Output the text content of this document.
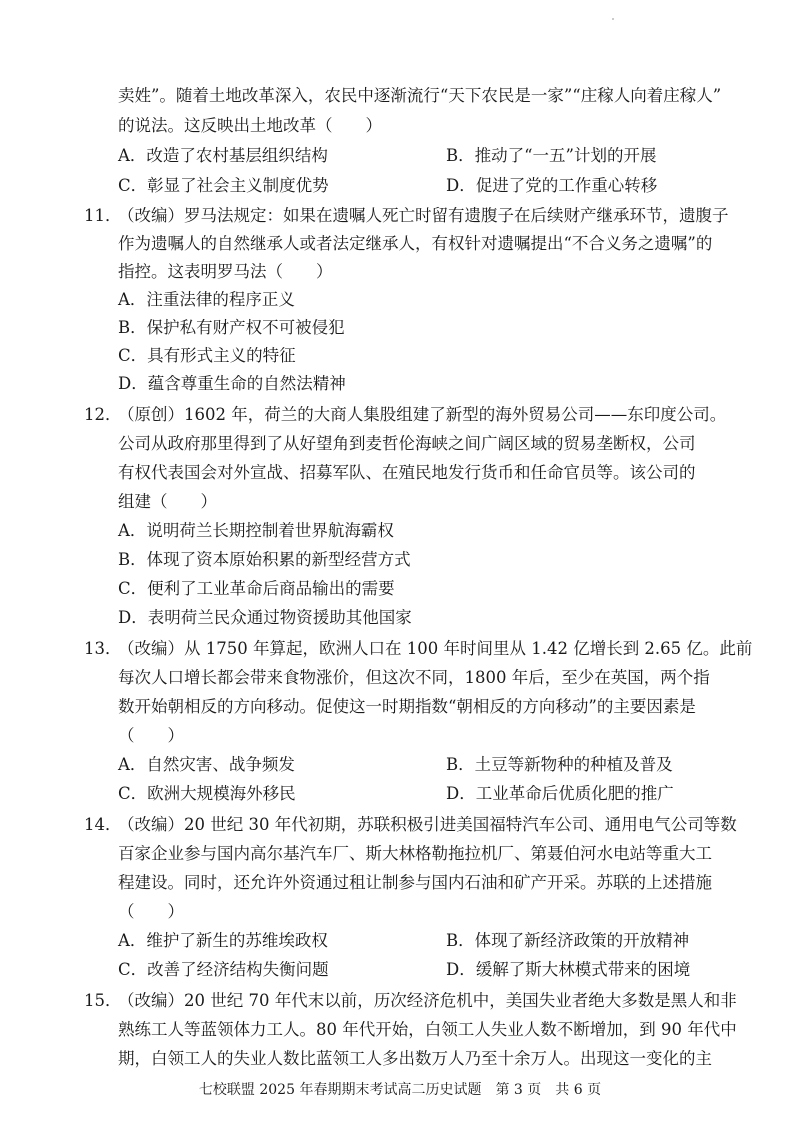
卖姓”。随着土地改革深入，农民中逐渐流行“天下农民是一家”“庄稼人向着庄稼人”
的说法。这反映出土地改革（　　）
A．改造了农村基层组织结构	B．推动了“一五”计划的开展
C．彰显了社会主义制度优势	D．促进了党的工作重心转移
11．
（改编）罗马法规定：如果在遗嘱人死亡时留有遗腹子在后续财产继承环节，遗腹子
作为遗嘱人的自然继承人或者法定继承人，有权针对遗嘱提出“不合义务之遗嘱”的
指控。这表明罗马法（　　）
A．注重法律的程序正义
B．保护私有财产权不可被侵犯
C．具有形式主义的特征
D．蕴含尊重生命的自然法精神
12．
（原创）1602 年，荷兰的大商人集股组建了新型的海外贸易公司——东印度公司。
公司从政府那里得到了从好望角到麦哲伦海峡之间广阔区域的贸易垄断权，公司
有权代表国会对外宣战、招募军队、在殖民地发行货币和任命官员等。该公司的
组建（　　）
A．说明荷兰长期控制着世界航海霸权
B．体现了资本原始积累的新型经营方式
C．便利了工业革命后商品输出的需要
D．表明荷兰民众通过物资援助其他国家
13．
（改编）从 1750 年算起，欧洲人口在 100 年时间里从 1.42 亿增长到 2.65 亿。此前
每次人口增长都会带来食物涨价，但这次不同，1800 年后，至少在英国，两个指
数开始朝相反的方向移动。促使这一时期指数“朝相反的方向移动”的主要因素是
（　　）
A．自然灾害、战争频发	B．土豆等新物种的种植及普及
C．欧洲大规模海外移民	D．工业革命后优质化肥的推广
14．
（改编）20 世纪 30 年代初期，苏联积极引进美国福特汽车公司、通用电气公司等数
百家企业参与国内高尔基汽车厂、斯大林格勒拖拉机厂、第聂伯河水电站等重大工
程建设。同时，还允许外资通过租让制参与国内石油和矿产开采。苏联的上述措施
（　　）
A．维护了新生的苏维埃政权	B．体现了新经济政策的开放精神
C．改善了经济结构失衡问题	D．缓解了斯大林模式带来的困境
15．
（改编）20 世纪 70 年代末以前，历次经济危机中，美国失业者绝大多数是黑人和非
熟练工人等蓝领体力工人。80 年代开始，白领工人失业人数不断增加，到 90 年代中
期，白领工人的失业人数比蓝领工人多出数万人乃至十余万人。出现这一变化的主
七校联盟 2025 年春期期末考试高二历史试题　第 3 页　共 6 页
